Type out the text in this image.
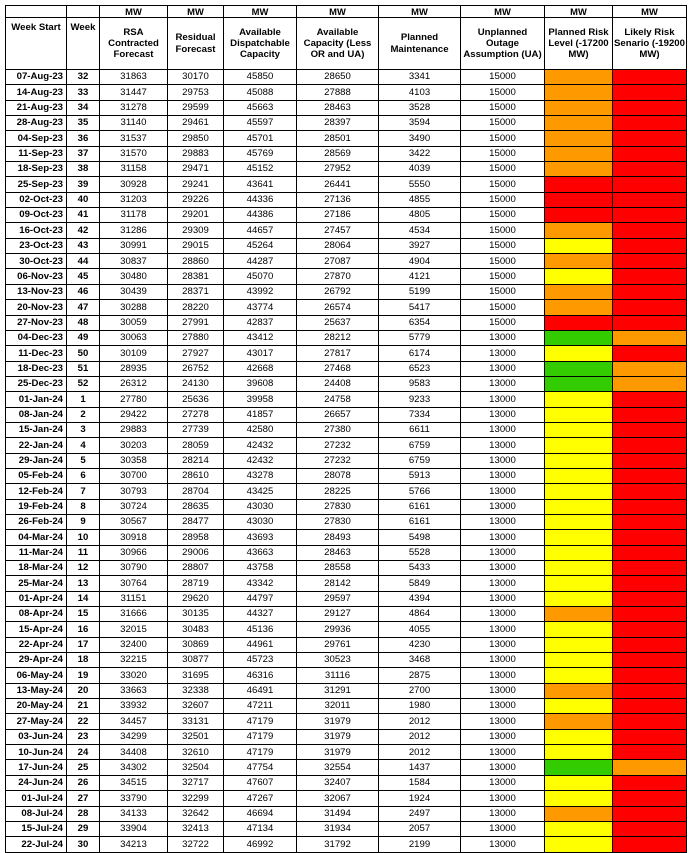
		MW	MW	MW	MW	MW	MW	MW	MW
Week Start	Week	RSA Contracted Forecast	Residual Forecast	Available Dispatchable Capacity	Available Capacity (Less OR and UA)	Planned Maintenance	Unplanned Outage Assumption (UA)	Planned Risk Level (-17200 MW)	Likely Risk Senario (-19200 MW)
07-Aug-23	32	31863	30170	45850	28650	3341	15000		
14-Aug-23	33	31447	29753	45088	27888	4103	15000		
21-Aug-23	34	31278	29599	45663	28463	3528	15000		
28-Aug-23	35	31140	29461	45597	28397	3594	15000		
04-Sep-23	36	31537	29850	45701	28501	3490	15000		
11-Sep-23	37	31570	29883	45769	28569	3422	15000		
18-Sep-23	38	31158	29471	45152	27952	4039	15000		
25-Sep-23	39	30928	29241	43641	26441	5550	15000		
02-Oct-23	40	31203	29226	44336	27136	4855	15000		
09-Oct-23	41	31178	29201	44386	27186	4805	15000		
16-Oct-23	42	31286	29309	44657	27457	4534	15000		
23-Oct-23	43	30991	29015	45264	28064	3927	15000		
30-Oct-23	44	30837	28860	44287	27087	4904	15000		
06-Nov-23	45	30480	28381	45070	27870	4121	15000		
13-Nov-23	46	30439	28371	43992	26792	5199	15000		
20-Nov-23	47	30288	28220	43774	26574	5417	15000		
27-Nov-23	48	30059	27991	42837	25637	6354	15000		
04-Dec-23	49	30063	27880	43412	28212	5779	13000		
11-Dec-23	50	30109	27927	43017	27817	6174	13000		
18-Dec-23	51	28935	26752	42668	27468	6523	13000		
25-Dec-23	52	26312	24130	39608	24408	9583	13000		
01-Jan-24	1	27780	25636	39958	24758	9233	13000		
08-Jan-24	2	29422	27278	41857	26657	7334	13000		
15-Jan-24	3	29883	27739	42580	27380	6611	13000		
22-Jan-24	4	30203	28059	42432	27232	6759	13000		
29-Jan-24	5	30358	28214	42432	27232	6759	13000		
05-Feb-24	6	30700	28610	43278	28078	5913	13000		
12-Feb-24	7	30793	28704	43425	28225	5766	13000		
19-Feb-24	8	30724	28635	43030	27830	6161	13000		
26-Feb-24	9	30567	28477	43030	27830	6161	13000		
04-Mar-24	10	30918	28958	43693	28493	5498	13000		
11-Mar-24	11	30966	29006	43663	28463	5528	13000		
18-Mar-24	12	30790	28807	43758	28558	5433	13000		
25-Mar-24	13	30764	28719	43342	28142	5849	13000		
01-Apr-24	14	31151	29620	44797	29597	4394	13000		
08-Apr-24	15	31666	30135	44327	29127	4864	13000		
15-Apr-24	16	32015	30483	45136	29936	4055	13000		
22-Apr-24	17	32400	30869	44961	29761	4230	13000		
29-Apr-24	18	32215	30877	45723	30523	3468	13000		
06-May-24	19	33020	31695	46316	31116	2875	13000		
13-May-24	20	33663	32338	46491	31291	2700	13000		
20-May-24	21	33932	32607	47211	32011	1980	13000		
27-May-24	22	34457	33131	47179	31979	2012	13000		
03-Jun-24	23	34299	32501	47179	31979	2012	13000		
10-Jun-24	24	34408	32610	47179	31979	2012	13000		
17-Jun-24	25	34302	32504	47754	32554	1437	13000		
24-Jun-24	26	34515	32717	47607	32407	1584	13000		
01-Jul-24	27	33790	32299	47267	32067	1924	13000		
08-Jul-24	28	34133	32642	46694	31494	2497	13000		
15-Jul-24	29	33904	32413	47134	31934	2057	13000		
22-Jul-24	30	34213	32722	46992	31792	2199	13000		
